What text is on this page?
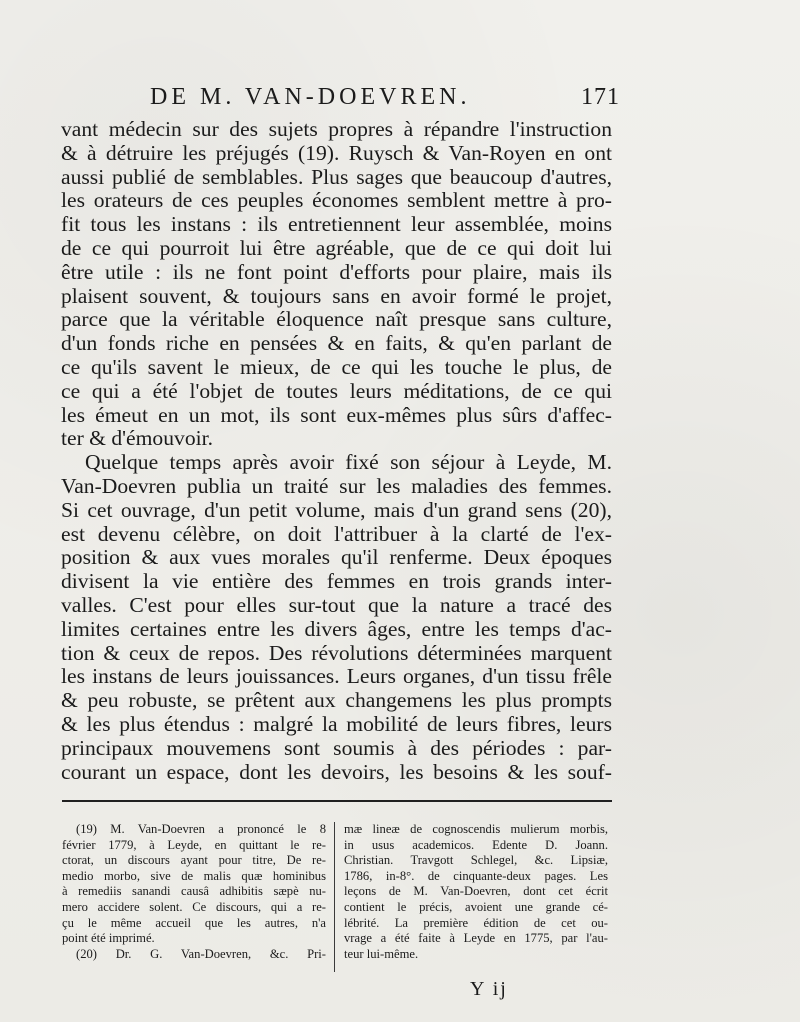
DE M. VAN-DOEVREN.	171
vant médecin sur des sujets propres à répandre l'instruction
& à détruire les préjugés (19). Ruysch & Van-Royen en ont
aussi publié de semblables. Plus sages que beaucoup d'autres,
les orateurs de ces peuples économes semblent mettre à pro-
fit tous les instans : ils entretiennent leur assemblée, moins
de ce qui pourroit lui être agréable, que de ce qui doit lui
être utile : ils ne font point d'efforts pour plaire, mais ils
plaisent souvent, & toujours sans en avoir formé le projet,
parce que la véritable éloquence naît presque sans culture,
d'un fonds riche en pensées & en faits, & qu'en parlant de
ce qu'ils savent le mieux, de ce qui les touche le plus, de
ce qui a été l'objet de toutes leurs méditations, de ce qui
les émeut en un mot, ils sont eux-mêmes plus sûrs d'affec-
ter & d'émouvoir.
Quelque temps après avoir fixé son séjour à Leyde, M.
Van-Doevren publia un traité sur les maladies des femmes.
Si cet ouvrage, d'un petit volume, mais d'un grand sens (20),
est devenu célèbre, on doit l'attribuer à la clarté de l'ex-
position & aux vues morales qu'il renferme. Deux époques
divisent la vie entière des femmes en trois grands inter-
valles. C'est pour elles sur-tout que la nature a tracé des
limites certaines entre les divers âges, entre les temps d'ac-
tion & ceux de repos. Des révolutions déterminées marquent
les instans de leurs jouissances. Leurs organes, d'un tissu frêle
& peu robuste, se prêtent aux changemens les plus prompts
& les plus étendus : malgré la mobilité de leurs fibres, leurs
principaux mouvemens sont soumis à des périodes : par-
courant un espace, dont les devoirs, les besoins & les souf-
(19) M. Van-Doevren a prononcé le 8
février 1779, à Leyde, en quittant le re-
ctorat, un discours ayant pour titre, De re-
medio morbo, sive de malis quæ hominibus
à remediis sanandi causâ adhibitis sæpè nu-
mero accidere solent. Ce discours, qui a re-
çu le même accueil que les autres, n'a
point été imprimé.
(20) Dr. G. Van-Doevren, &c. Pri-
mæ lineæ de cognoscendis mulierum morbis,
in usus academicos. Edente D. Joann.
Christian. Travgott Schlegel, &c. Lipsiæ,
1786, in-8°. de cinquante-deux pages. Les
leçons de M. Van-Doevren, dont cet écrit
contient le précis, avoient une grande cé-
lébrité. La première édition de cet ou-
vrage a été faite à Leyde en 1775, par l'au-
teur lui-même.
Y ij
